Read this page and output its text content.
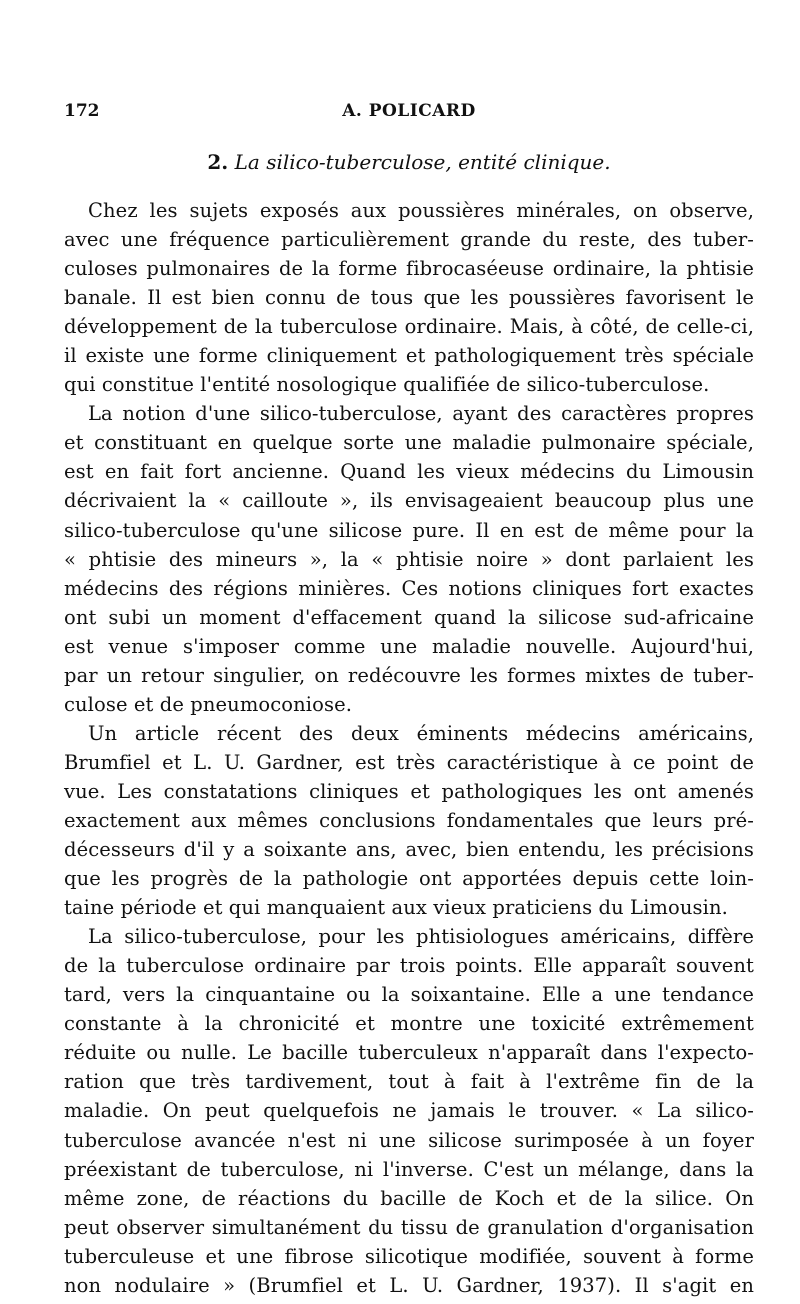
172	A. POLICARD
2. La silico-tuberculose, entité clinique.
Chez les sujets exposés aux poussières minérales, on observe,
avec une fréquence particulièrement grande du reste, des tuber-
culoses pulmonaires de la forme fibrocaséeuse ordinaire, la phtisie
banale. Il est bien connu de tous que les poussières favorisent le
développement de la tuberculose ordinaire. Mais, à côté, de celle-ci,
il existe une forme cliniquement et pathologiquement très spéciale
qui constitue l'entité nosologique qualifiée de silico-tuberculose.
La notion d'une silico-tuberculose, ayant des caractères propres
et constituant en quelque sorte une maladie pulmonaire spéciale,
est en fait fort ancienne. Quand les vieux médecins du Limousin
décrivaient la « cailloute », ils envisageaient beaucoup plus une
silico-tuberculose qu'une silicose pure. Il en est de même pour la
« phtisie des mineurs », la « phtisie noire » dont parlaient les
médecins des régions minières. Ces notions cliniques fort exactes
ont subi un moment d'effacement quand la silicose sud-africaine
est venue s'imposer comme une maladie nouvelle. Aujourd'hui,
par un retour singulier, on redécouvre les formes mixtes de tuber-
culose et de pneumoconiose.
Un article récent des deux éminents médecins américains,
Brumfiel et L. U. Gardner, est très caractéristique à ce point de
vue. Les constatations cliniques et pathologiques les ont amenés
exactement aux mêmes conclusions fondamentales que leurs pré-
décesseurs d'il y a soixante ans, avec, bien entendu, les précisions
que les progrès de la pathologie ont apportées depuis cette loin-
taine période et qui manquaient aux vieux praticiens du Limousin.
La silico-tuberculose, pour les phtisiologues américains, diffère
de la tuberculose ordinaire par trois points. Elle apparaît souvent
tard, vers la cinquantaine ou la soixantaine. Elle a une tendance
constante à la chronicité et montre une toxicité extrêmement
réduite ou nulle. Le bacille tuberculeux n'apparaît dans l'expecto-
ration que très tardivement, tout à fait à l'extrême fin de la
maladie. On peut quelquefois ne jamais le trouver. « La silico-
tuberculose avancée n'est ni une silicose surimposée à un foyer
préexistant de tuberculose, ni l'inverse. C'est un mélange, dans la
même zone, de réactions du bacille de Koch et de la silice. On
peut observer simultanément du tissu de granulation d'organisation
tuberculeuse et une fibrose silicotique modifiée, souvent à forme
non nodulaire » (Brumfiel et L. U. Gardner, 1937). Il s'agit en
